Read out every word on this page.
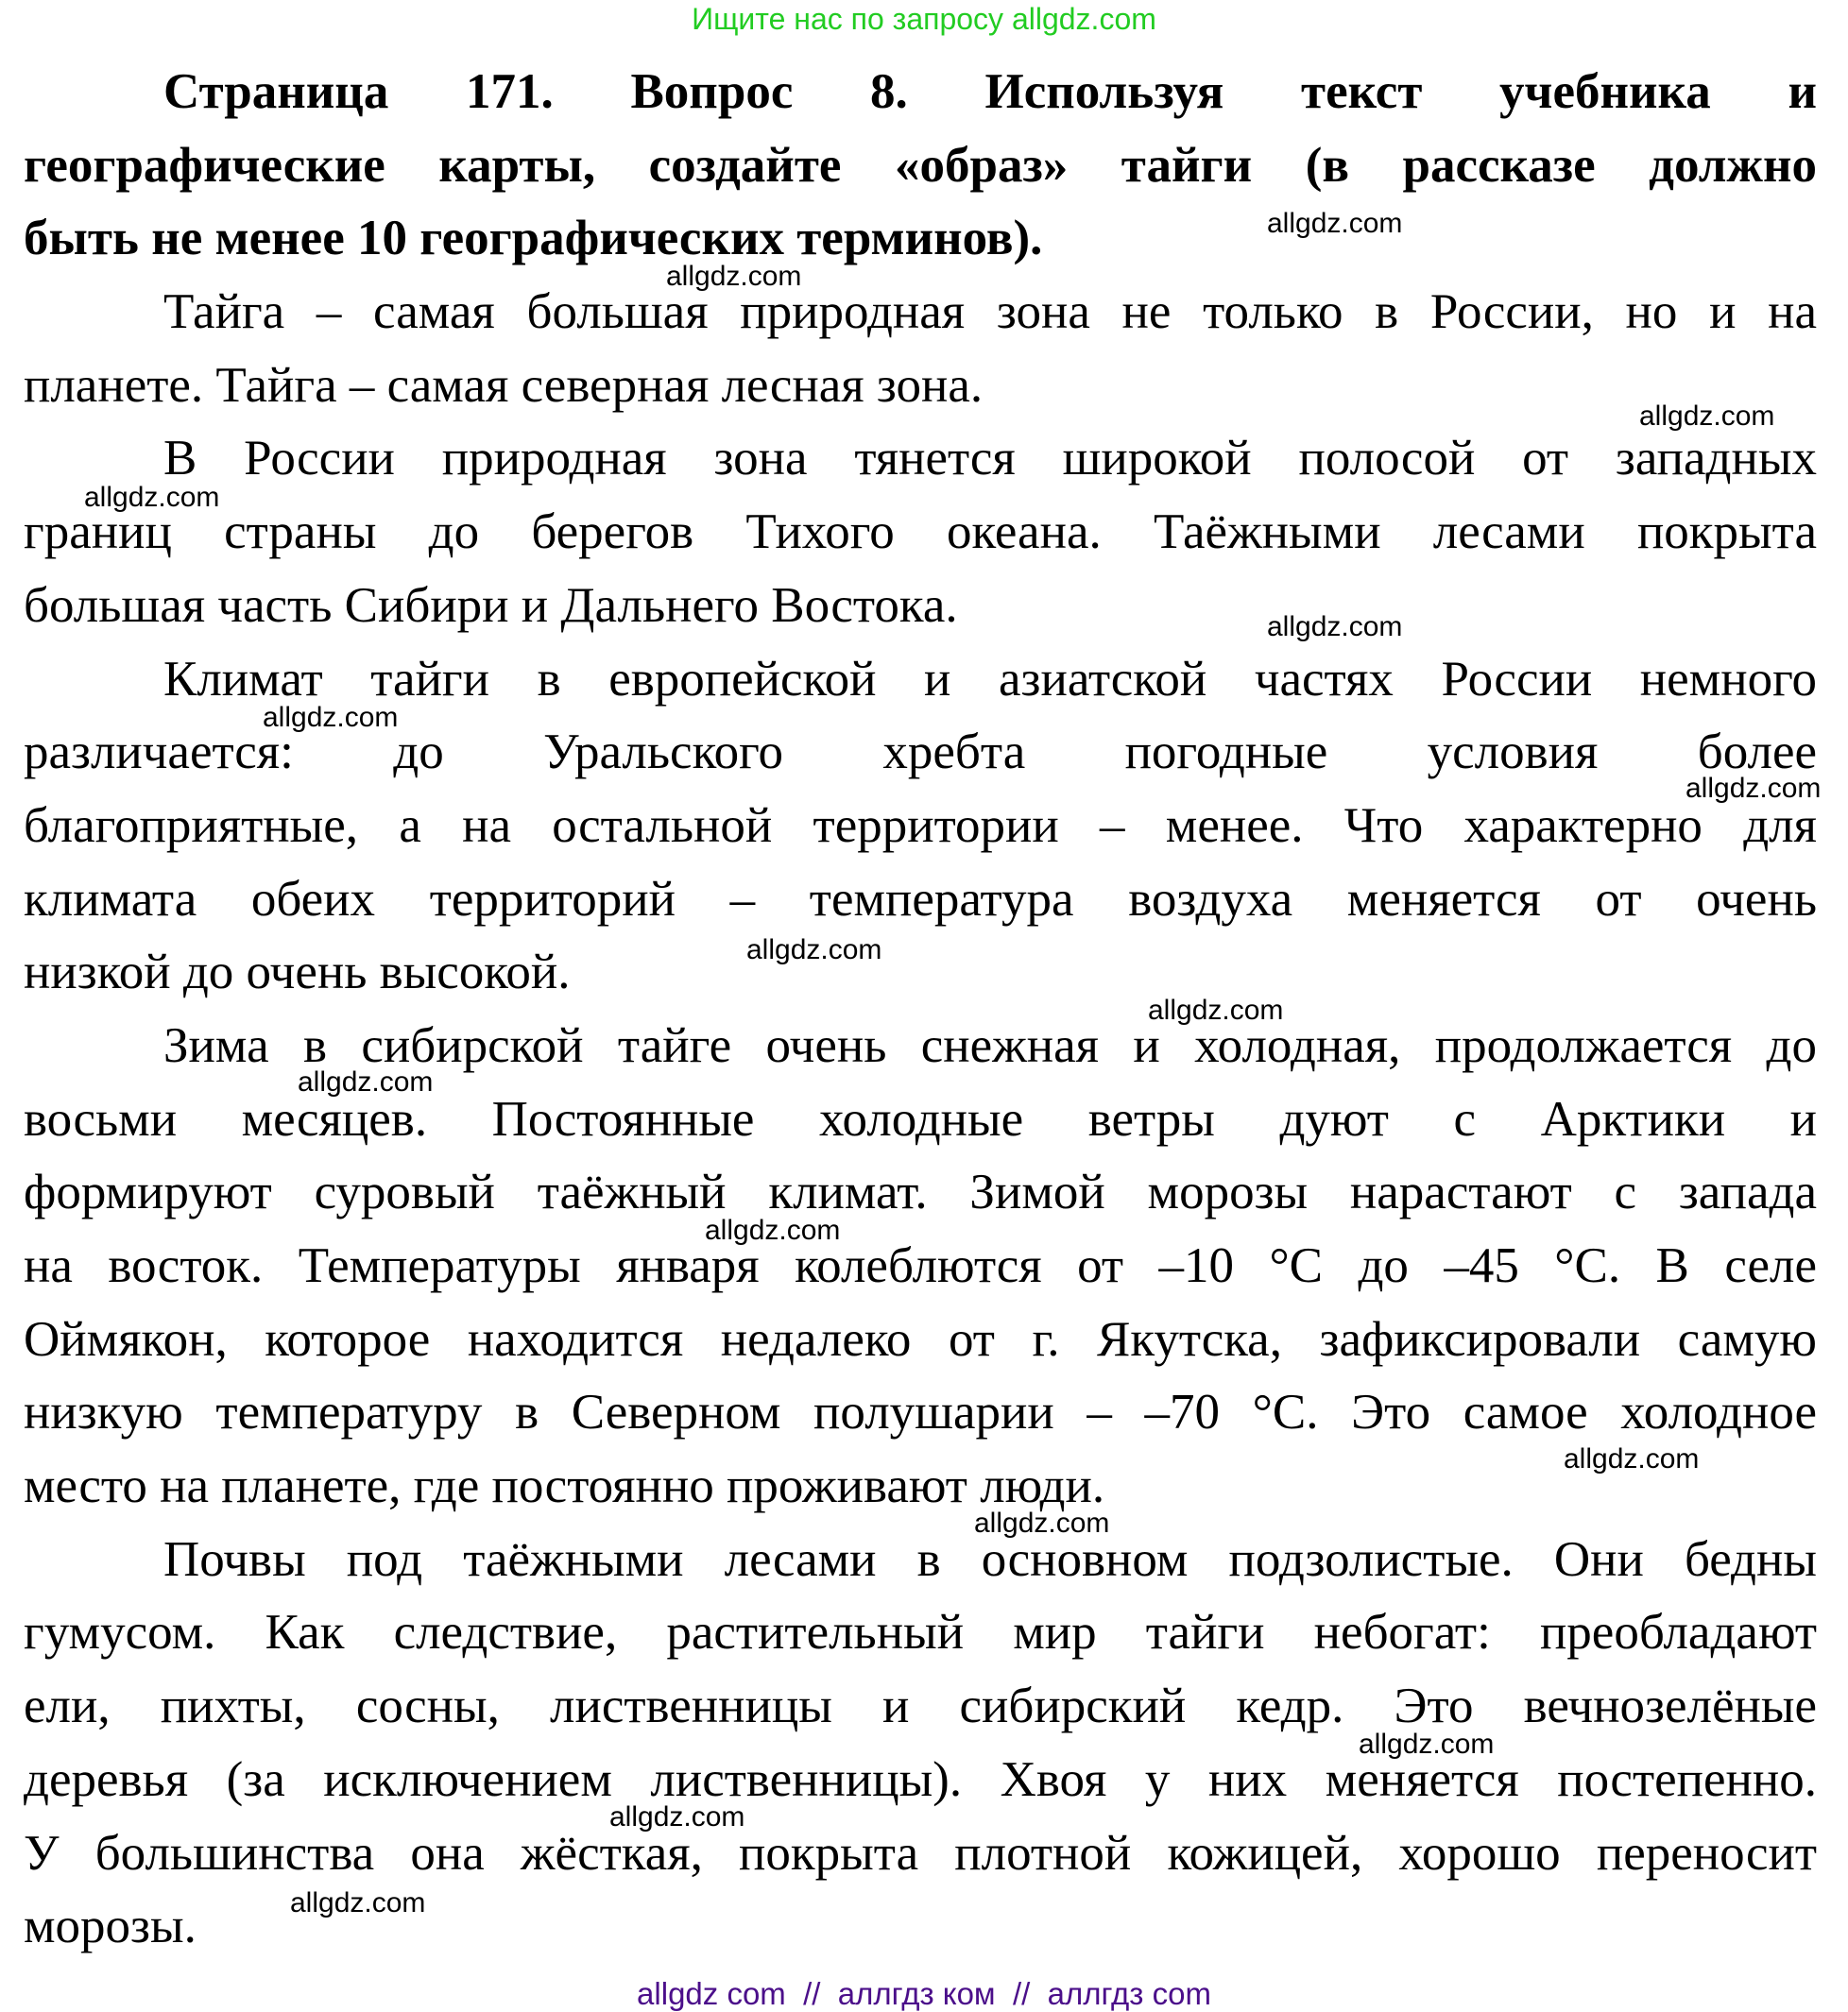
Ищите нас по запросу allgdz.com
Страница 171. Вопрос 8. Используя текст учебника и
географические карты, создайте «образ» тайги (в рассказе должно
быть не менее 10 географических терминов).
Тайга – самая большая природная зона не только в России, но и на
планете. Тайга – самая северная лесная зона.
В России природная зона тянется широкой полосой от западных
границ страны до берегов Тихого океана. Таёжными лесами покрыта
большая часть Сибири и Дальнего Востока.
Климат тайги в европейской и азиатской частях России немного
различается: до Уральского хребта погодные условия более
благоприятные, а на остальной территории – менее. Что характерно для
климата обеих территорий – температура воздуха меняется от очень
низкой до очень высокой.
Зима в сибирской тайге очень снежная и холодная, продолжается до
восьми месяцев. Постоянные холодные ветры дуют с Арктики и
формируют суровый таёжный климат. Зимой морозы нарастают с запада
на восток. Температуры января колеблются от –10 °C до –45 °C. В селе
Оймякон, которое находится недалеко от г. Якутска, зафиксировали самую
низкую температуру в Северном полушарии – –70 °C. Это самое холодное
место на планете, где постоянно проживают люди.
Почвы под таёжными лесами в основном подзолистые. Они бедны
гумусом. Как следствие, растительный мир тайги небогат: преобладают
ели, пихты, сосны, лиственницы и сибирский кедр. Это вечнозелёные
деревья (за исключением лиственницы). Хвоя у них меняется постепенно.
У большинства она жёсткая, покрыта плотной кожицей, хорошо переносит
морозы.
allgdz.com
allgdz.com
allgdz.com
allgdz.com
allgdz.com
allgdz.com
allgdz.com
allgdz.com
allgdz.com
allgdz.com
allgdz.com
allgdz.com
allgdz.com
allgdz.com
allgdz.com
allgdz.com
allgdz com  //  аллгдз ком  //  аллгдз com
